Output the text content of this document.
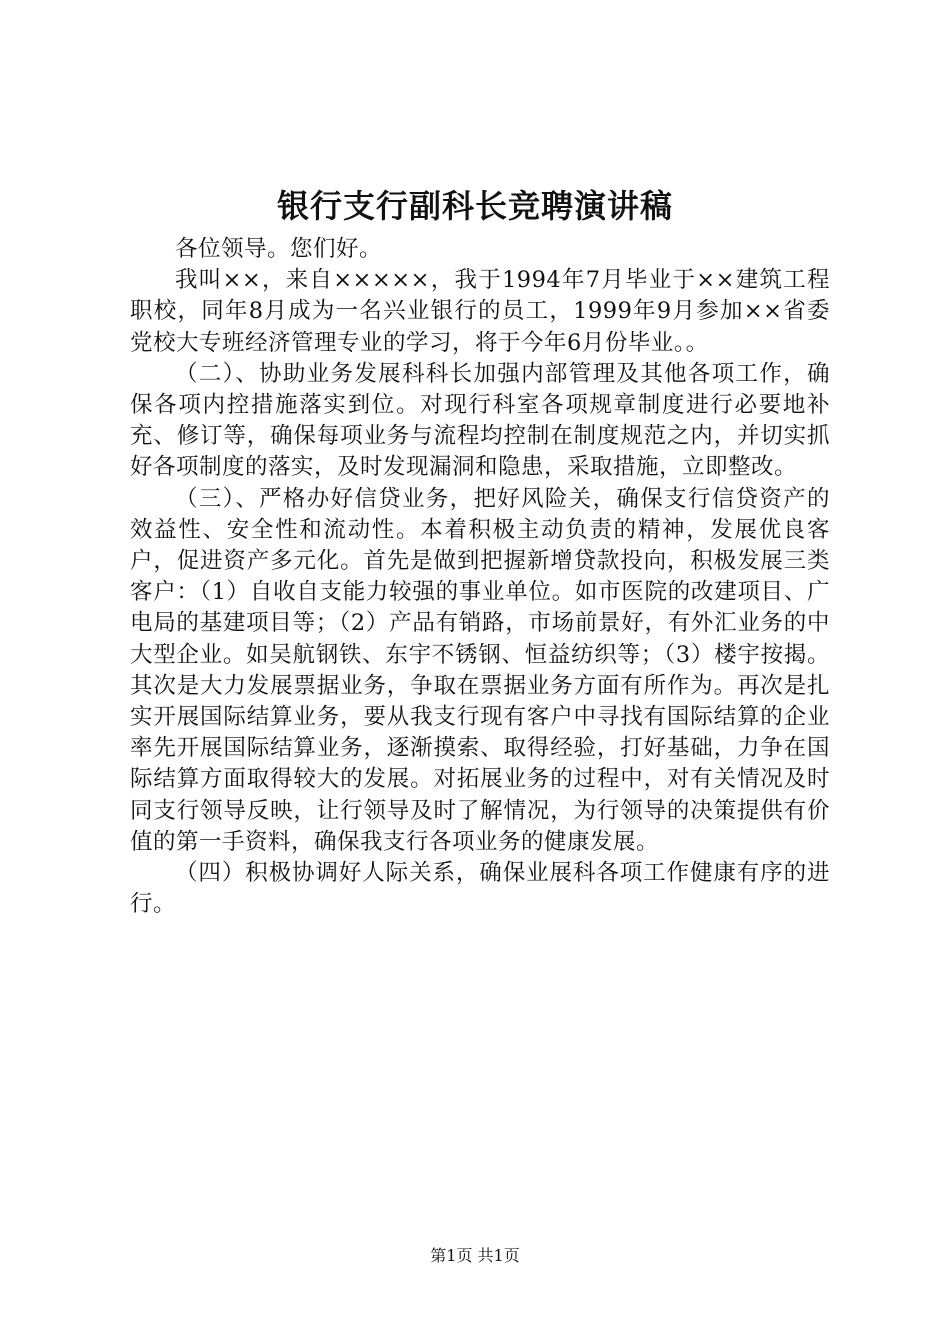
银行支行副科长竞聘演讲稿

各位领导。您们好。

我叫××，来自×××××，我于1994年7月毕业于××建筑工程职校，同年8月成为一名兴业银行的员工，1999年9月参加××省委党校大专班经济管理专业的学习，将于今年6月份毕业。。

（二）、协助业务发展科科长加强内部管理及其他各项工作，确保各项内控措施落实到位。对现行科室各项规章制度进行必要地补充、修订等，确保每项业务与流程均控制在制度规范之内，并切实抓好各项制度的落实，及时发现漏洞和隐患，采取措施，立即整改。

（三）、严格办好信贷业务，把好风险关，确保支行信贷资产的效益性、安全性和流动性。本着积极主动负责的精神，发展优良客户，促进资产多元化。首先是做到把握新增贷款投向，积极发展三类客户：（1）自收自支能力较强的事业单位。如市医院的改建项目、广电局的基建项目等；（2）产品有销路，市场前景好，有外汇业务的中大型企业。如吴航钢铁、东宇不锈钢、恒益纺织等；（3）楼宇按揭。其次是大力发展票据业务，争取在票据业务方面有所作为。再次是扎实开展国际结算业务，要从我支行现有客户中寻找有国际结算的企业率先开展国际结算业务，逐渐摸索、取得经验，打好基础，力争在国际结算方面取得较大的发展。对拓展业务的过程中，对有关情况及时同支行领导反映，让行领导及时了解情况，为行领导的决策提供有价值的第一手资料，确保我支行各项业务的健康发展。

（四）积极协调好人际关系，确保业展科各项工作健康有序的进行。

第1页 共1页
